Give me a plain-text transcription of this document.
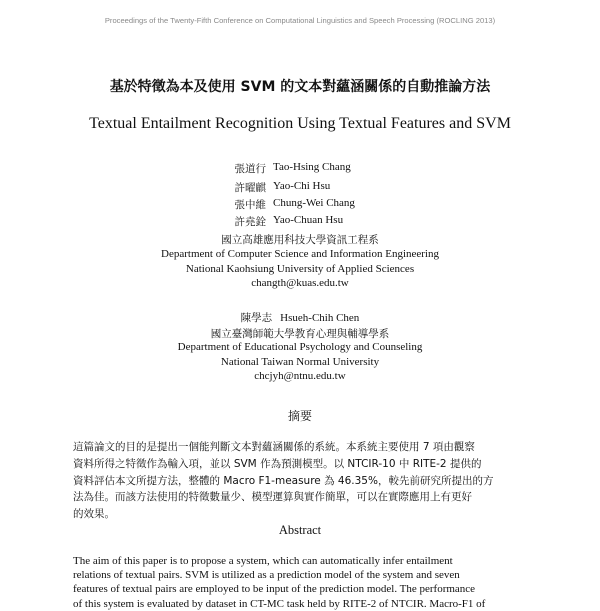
Proceedings of the Twenty-Fifth Conference on Computational Linguistics and Speech Processing (ROCLING 2013)
基於特徵為本及使用 SVM 的文本對蘊涵關係的自動推論方法
Textual Entailment Recognition Using Textual Features and SVM
張道行 Tao-Hsing Chang
許曜麒 Yao-Chi Hsu
張中維 Chung-Wei Chang
許堯銓 Yao-Chuan Hsu
國立高雄應用科技大學資訊工程系
Department of Computer Science and Information Engineering
National Kaohsiung University of Applied Sciences
changth@kuas.edu.tw
陳學志 Hsueh-Chih Chen
國立臺灣師範大學教育心理與輔導學系
Department of Educational Psychology and Counseling
National Taiwan Normal University
chcjyh@ntnu.edu.tw
摘要

這篇論文的目的是提出一個能判斷文本對蘊涵關係的系統。本系統主要使用 7 項由觀察
資料所得之特徵作為輸入項，並以 SVM 作為預測模型。以 NTCIR-10 中 RITE-2 提供的
資料評估本文所提方法，整體的 Macro F1-measure 為 46.35%，較先前研究所提出的方
法為佳。而該方法使用的特徵數量少、模型運算與實作簡單，可以在實際應用上有更好
的效果。

Abstract

The aim of this paper is to propose a system, which can automatically infer entailment
relations of textual pairs. SVM is utilized as a prediction model of the system and seven
features of textual pairs are employed to be input of the prediction model. The performance
of this system is evaluated by dataset in CT-MC task held by RITE-2 of NTCIR. Macro-F1 of
